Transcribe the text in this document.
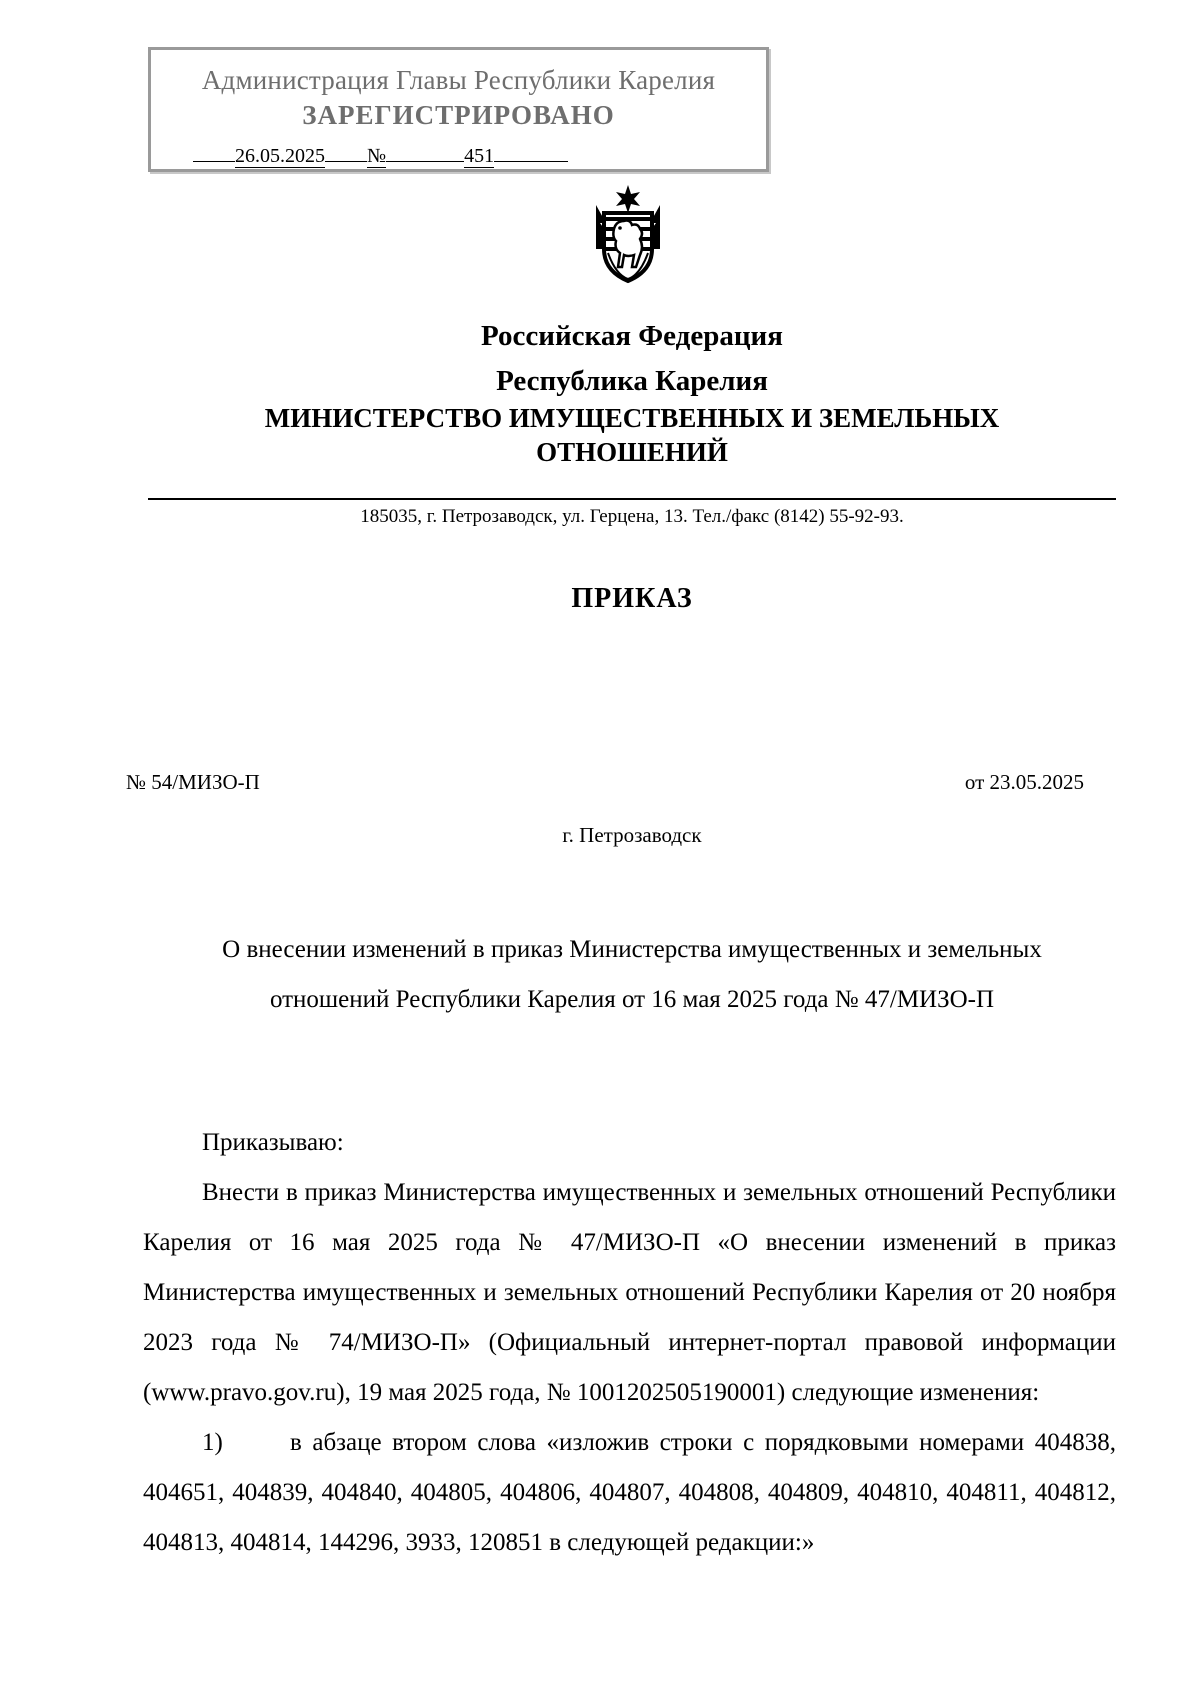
Администрация Главы Республики Карелия
ЗАРЕГИСТРИРОВАНО
26.05.2025 №	451
Российская Федерация
Республика Карелия
МИНИСТЕРСТВО ИМУЩЕСТВЕННЫХ И ЗЕМЕЛЬНЫХ
ОТНОШЕНИЙ
185035, г. Петрозаводск, ул. Герцена, 13. Тел./факс (8142) 55-92-93.
ПРИКАЗ
№ 54/МИЗО-П	от 23.05.2025
г. Петрозаводск
О внесении изменений в приказ Министерства имущественных и земельных
отношений Республики Карелия от 16 мая 2025 года № 47/МИЗО-П

Приказываю:

Внести в приказ Министерства имущественных и земельных отношений Республики Карелия от 16 мая 2025 года № 47/МИЗО-П «О внесении изменений в приказ Министерства имущественных и земельных отношений Республики Карелия от 20 ноября 2023 года № 74/МИЗО-П» (Официальный интернет-портал правовой информации (www.pravo.gov.ru), 19 мая 2025 года, № 1001202505190001) следующие изменения:

1)	в абзаце втором слова «изложив строки с порядковыми номерами 404838, 404651, 404839, 404840, 404805, 404806, 404807, 404808, 404809, 404810, 404811, 404812, 404813, 404814, 144296, 3933, 120851 в следующей редакции:»
